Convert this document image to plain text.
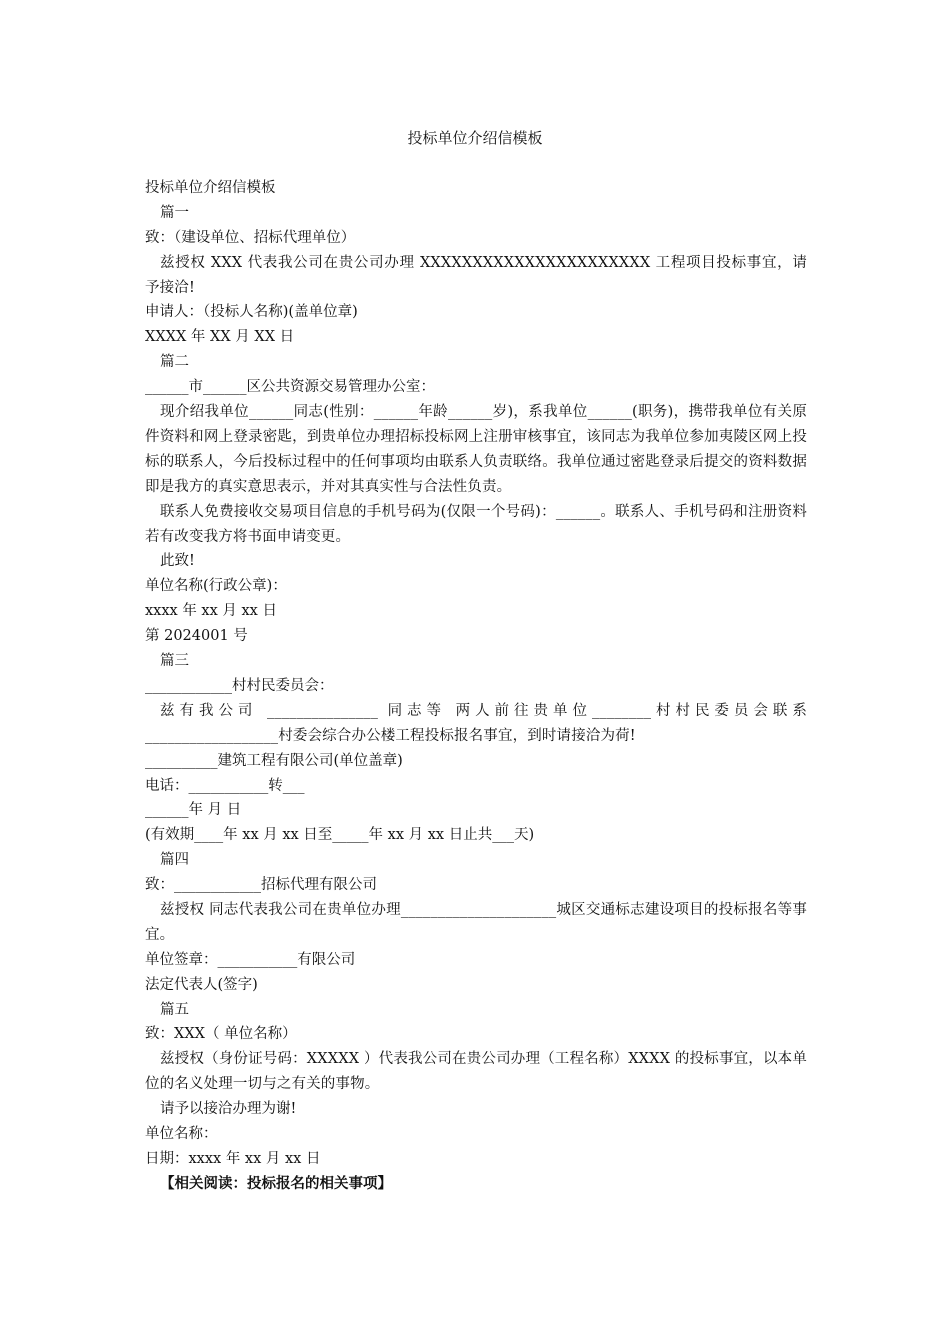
投标单位介绍信模板
投标单位介绍信模板
篇一
致：（建设单位、招标代理单位）
兹授权 XXX 代表我公司在贵公司办理 XXXXXXXXXXXXXXXXXXXXXX 工程项目投标事宜，请予接洽!
申请人：（投标人名称)(盖单位章)
XXXX 年 XX 月 XX 日
篇二
______市______区公共资源交易管理办公室：
现介绍我单位______同志(性别：______年龄______岁)，系我单位______(职务)，携带我单位有关原件资料和网上登录密匙，到贵单位办理招标投标网上注册审核事宜，该同志为我单位参加夷陵区网上投标的联系人，今后投标过程中的任何事项均由联系人负责联络。我单位通过密匙登录后提交的资料数据即是我方的真实意思表示，并对其真实性与合法性负责。
联系人免费接收交易项目信息的手机号码为(仅限一个号码)：______。联系人、手机号码和注册资料若有改变我方将书面申请变更。
此致!
单位名称(行政公章)：
xxxx 年 xx 月 xx 日
第 2024001 号
篇三
____________村村民委员会：
兹有我公司 _______________ 同志等 两人前往贵单位________村村民委员会联系__________________村委会综合办公楼工程投标报名事宜，到时请接洽为荷!
__________建筑工程有限公司(单位盖章)
电话：___________转___
______年 月 日
(有效期____年 xx 月 xx 日至_____年 xx 月 xx 日止共___天)
篇四
致：____________招标代理有限公司
兹授权 同志代表我公司在贵单位办理_____________________城区交通标志建设项目的投标报名等事宜。
单位签章：___________有限公司
法定代表人(签字)
篇五
致：XXX（ 单位名称）
兹授权（身份证号码：XXXXX ）代表我公司在贵公司办理（工程名称）XXXX 的投标事宜，以本单位的名义处理一切与之有关的事物。
请予以接洽办理为谢!
单位名称：
日期：xxxx 年 xx 月 xx 日
【相关阅读：投标报名的相关事项】
